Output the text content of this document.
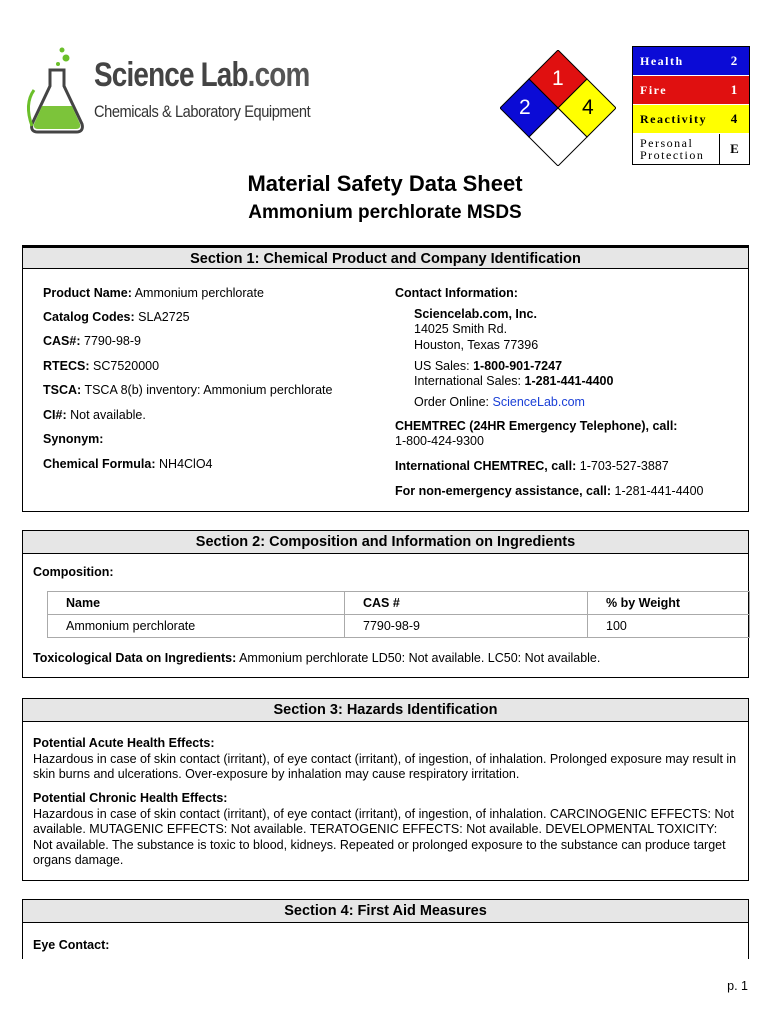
Science Lab.com
Chemicals & Laboratory Equipment
1
2 4
Health	2
Fire	1
Reactivity	4
Personal Protection	E
Material Safety Data Sheet
Ammonium perchlorate MSDS
Section 1: Chemical Product and Company Identification
Product Name: Ammonium perchlorate
Catalog Codes: SLA2725
CAS#: 7790-98-9
RTECS: SC7520000
TSCA: TSCA 8(b) inventory: Ammonium perchlorate
CI#: Not available.
Synonym:
Chemical Formula: NH4ClO4
Contact Information:
Sciencelab.com, Inc.
14025 Smith Rd.
Houston, Texas 77396
US Sales: 1-800-901-7247
International Sales: 1-281-441-4400
Order Online: ScienceLab.com
CHEMTREC (24HR Emergency Telephone), call:
1-800-424-9300
International CHEMTREC, call: 1-703-527-3887
For non-emergency assistance, call: 1-281-441-4400
Section 2: Composition and Information on Ingredients
Composition:
Name	CAS #	% by Weight
Ammonium perchlorate	7790-98-9	100
Toxicological Data on Ingredients: Ammonium perchlorate LD50: Not available. LC50: Not available.
Section 3: Hazards Identification
Potential Acute Health Effects:
Hazardous in case of skin contact (irritant), of eye contact (irritant), of ingestion, of inhalation. Prolonged exposure may result in skin burns and ulcerations. Over-exposure by inhalation may cause respiratory irritation.
Potential Chronic Health Effects:
Hazardous in case of skin contact (irritant), of eye contact (irritant), of ingestion, of inhalation. CARCINOGENIC EFFECTS: Not available. MUTAGENIC EFFECTS: Not available. TERATOGENIC EFFECTS: Not available. DEVELOPMENTAL TOXICITY: Not available. The substance is toxic to blood, kidneys. Repeated or prolonged exposure to the substance can produce target organs damage.
Section 4: First Aid Measures
Eye Contact:
p. 1
